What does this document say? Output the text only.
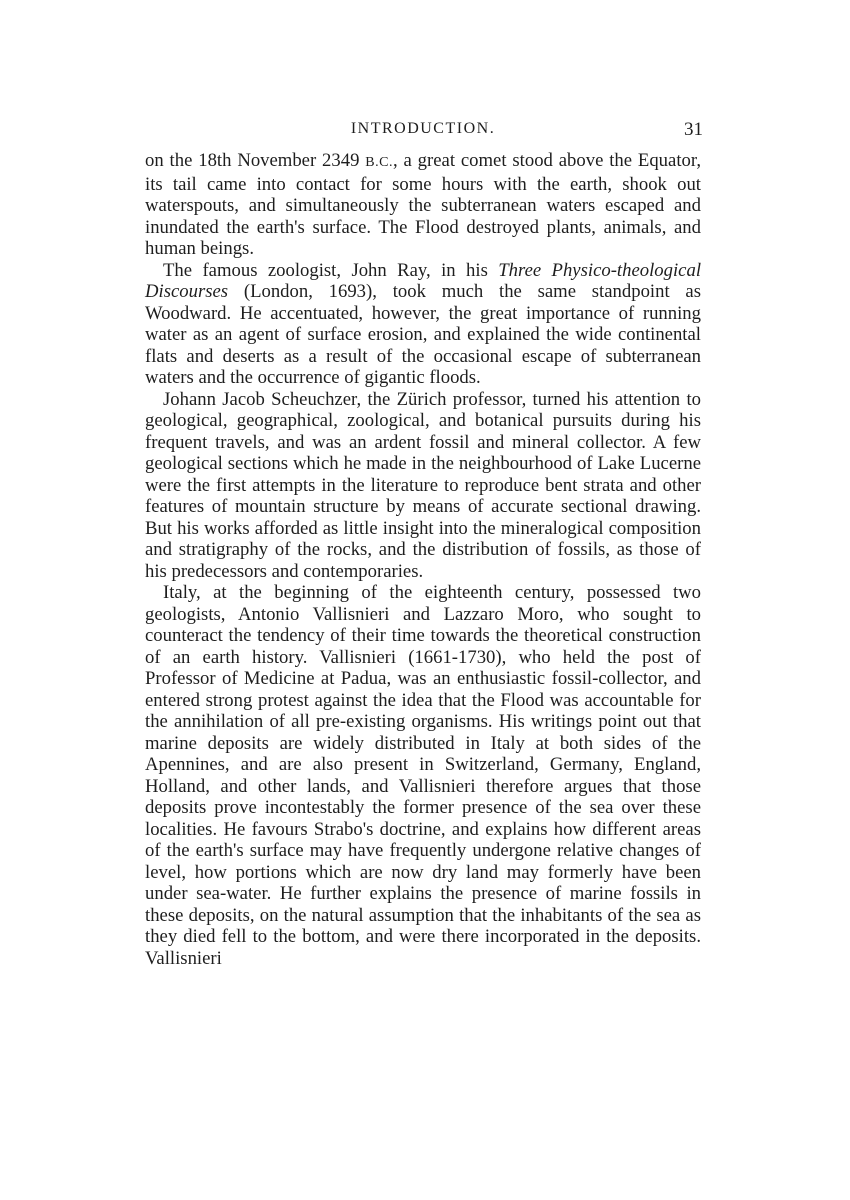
INTRODUCTION.	31

on the 18th November 2349 B.C., a great comet stood above the Equator, its tail came into contact for some hours with the earth, shook out waterspouts, and simultaneously the subterranean waters escaped and inundated the earth's surface. The Flood destroyed plants, animals, and human beings.

The famous zoologist, John Ray, in his Three Physico-theological Discourses (London, 1693), took much the same standpoint as Woodward. He accentuated, however, the great importance of running water as an agent of surface erosion, and explained the wide continental flats and deserts as a result of the occasional escape of subterranean waters and the occurrence of gigantic floods.

Johann Jacob Scheuchzer, the Zürich professor, turned his attention to geological, geographical, zoological, and botanical pursuits during his frequent travels, and was an ardent fossil and mineral collector. A few geological sections which he made in the neighbourhood of Lake Lucerne were the first attempts in the literature to reproduce bent strata and other features of mountain structure by means of accurate sectional drawing. But his works afforded as little insight into the mineralogical composition and stratigraphy of the rocks, and the distribution of fossils, as those of his predecessors and contemporaries.

Italy, at the beginning of the eighteenth century, possessed two geologists, Antonio Vallisnieri and Lazzaro Moro, who sought to counteract the tendency of their time towards the theoretical construction of an earth history. Vallisnieri (1661-1730), who held the post of Professor of Medicine at Padua, was an enthusiastic fossil-collector, and entered strong protest against the idea that the Flood was accountable for the annihilation of all pre-existing organisms. His writings point out that marine deposits are widely distributed in Italy at both sides of the Apennines, and are also present in Switzerland, Germany, England, Holland, and other lands, and Vallisnieri therefore argues that those deposits prove incontestably the former presence of the sea over these localities. He favours Strabo's doctrine, and explains how different areas of the earth's surface may have frequently undergone relative changes of level, how portions which are now dry land may formerly have been under sea-water. He further explains the presence of marine fossils in these deposits, on the natural assumption that the inhabitants of the sea as they died fell to the bottom, and were there incorporated in the deposits. Vallisnieri
